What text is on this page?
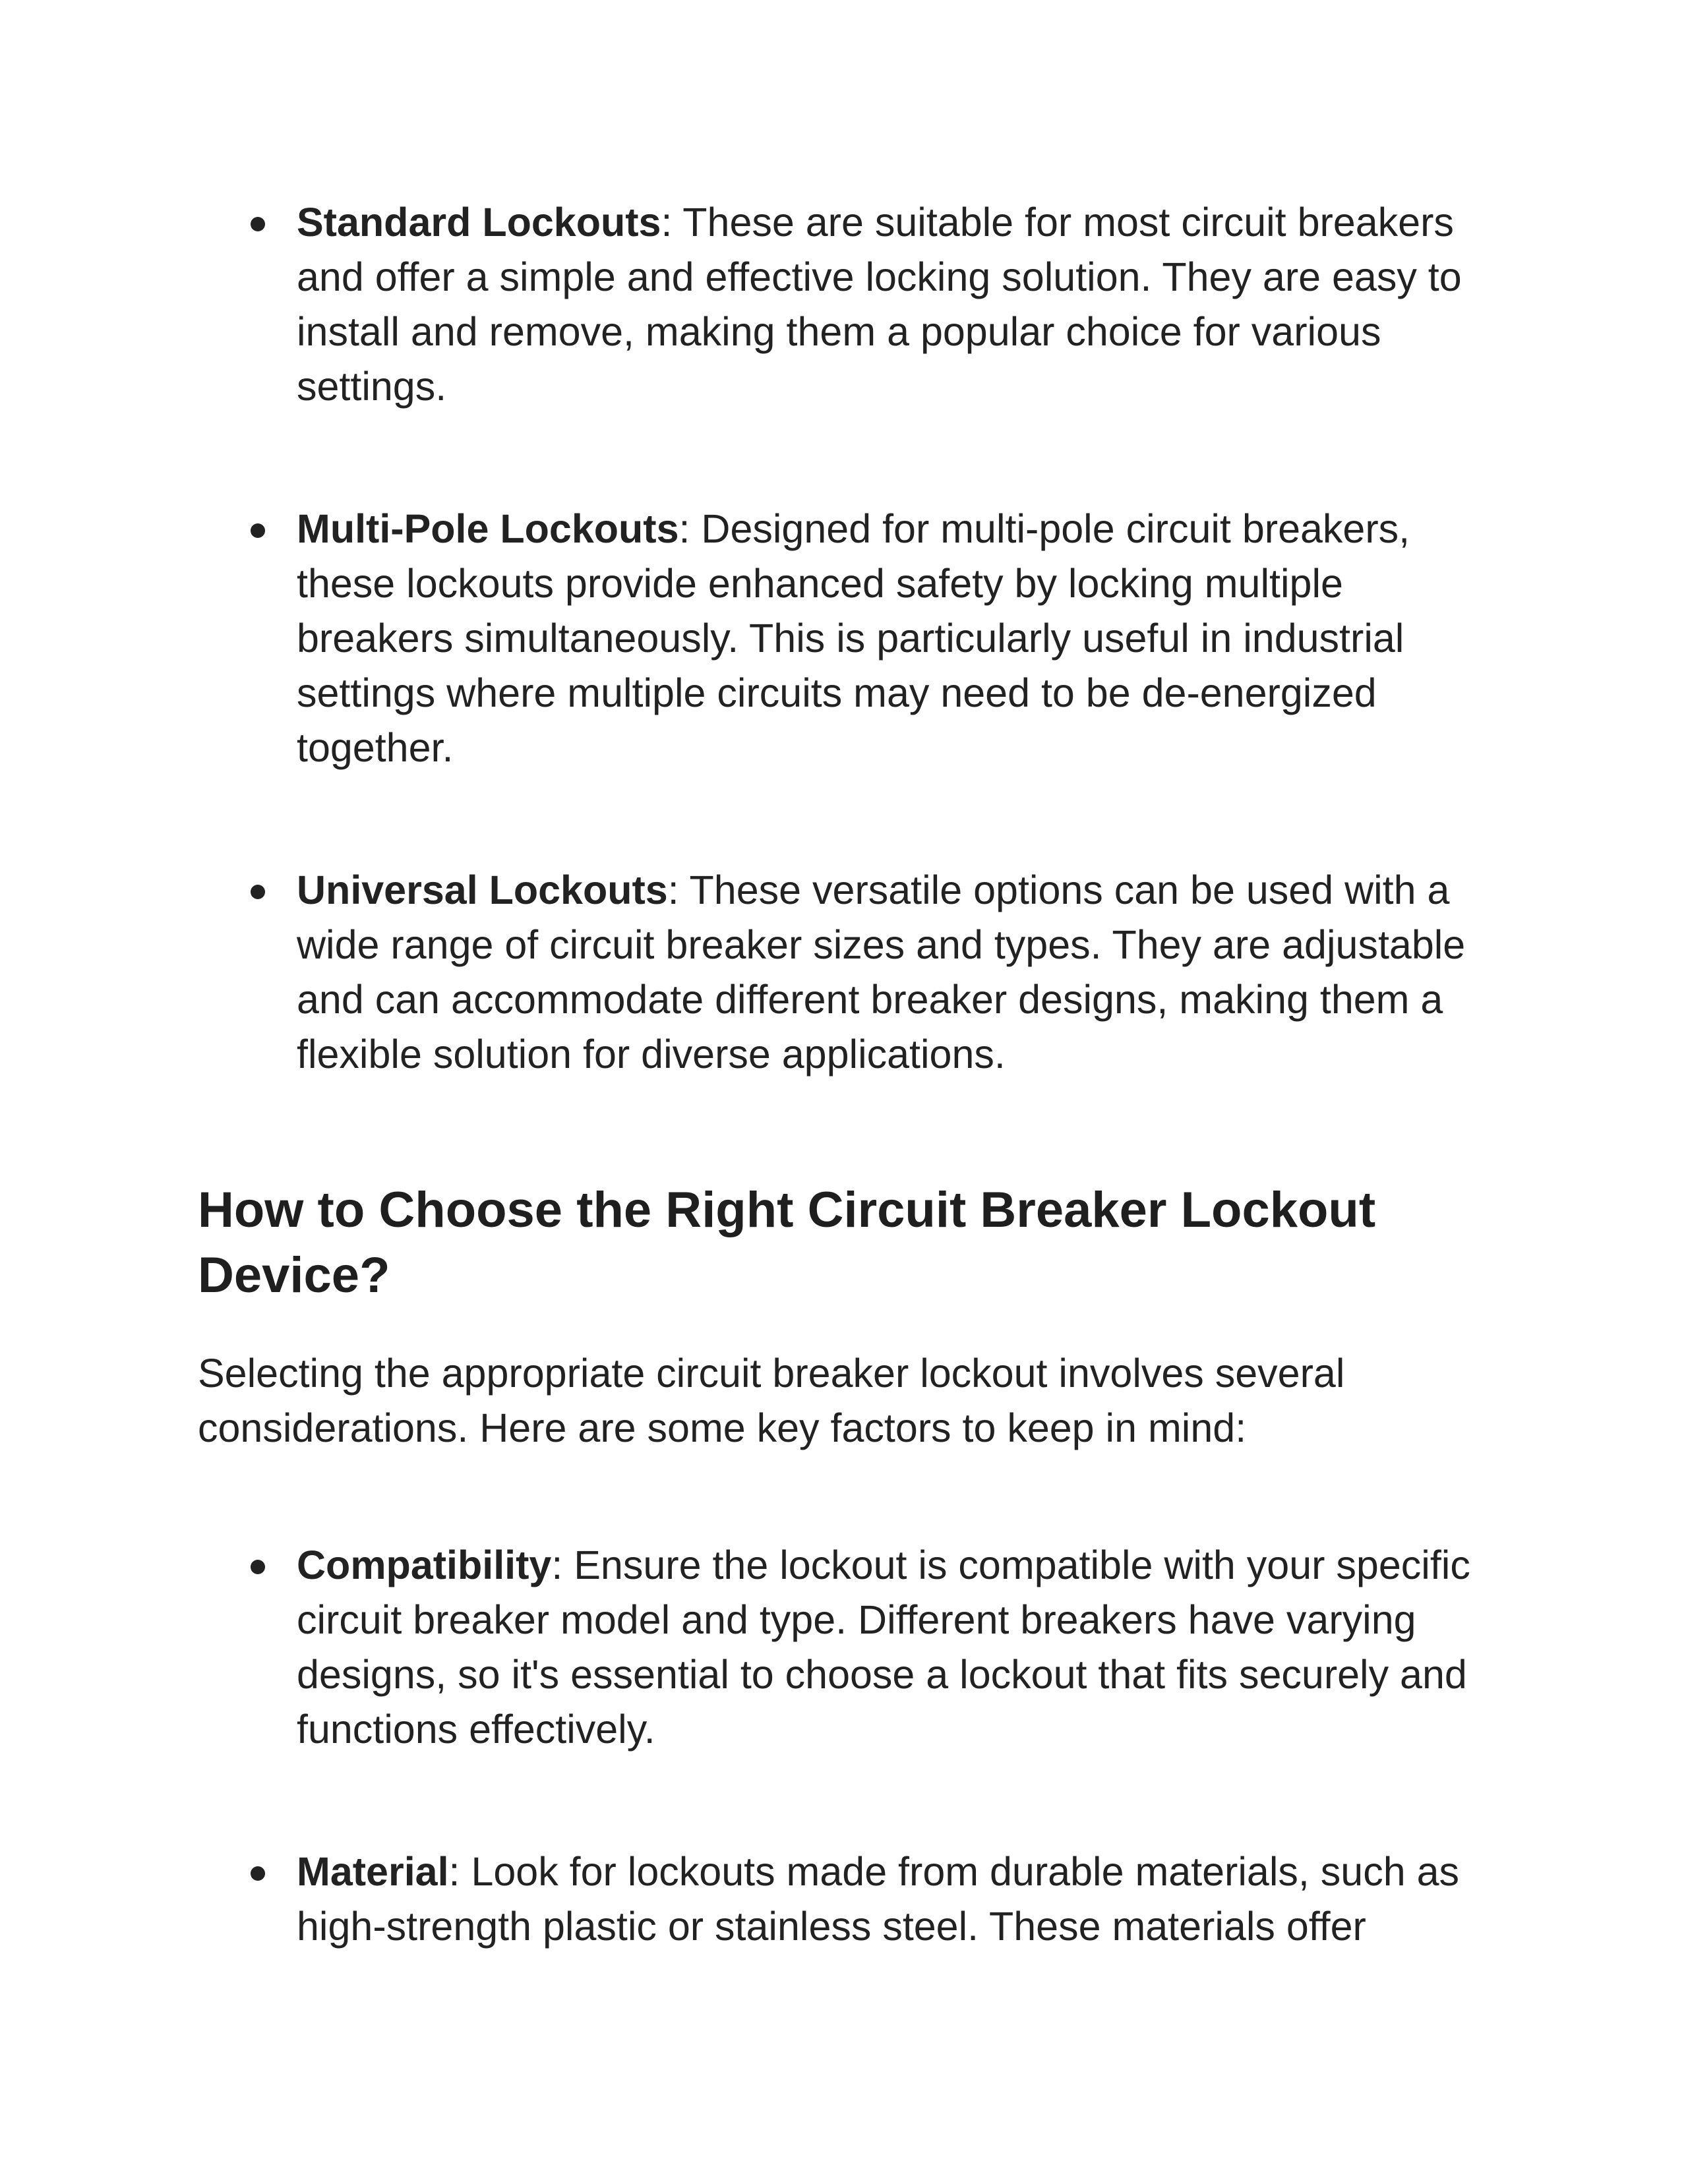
Standard Lockouts: These are suitable for most circuit breakers and offer a simple and effective locking solution. They are easy to install and remove, making them a popular choice for various settings.
Multi-Pole Lockouts: Designed for multi-pole circuit breakers, these lockouts provide enhanced safety by locking multiple breakers simultaneously. This is particularly useful in industrial settings where multiple circuits may need to be de-energized together.
Universal Lockouts: These versatile options can be used with a wide range of circuit breaker sizes and types. They are adjustable and can accommodate different breaker designs, making them a flexible solution for diverse applications.
How to Choose the Right Circuit Breaker Lockout Device?

Selecting the appropriate circuit breaker lockout involves several considerations. Here are some key factors to keep in mind:

Compatibility: Ensure the lockout is compatible with your specific circuit breaker model and type. Different breakers have varying designs, so it's essential to choose a lockout that fits securely and functions effectively.
Material: Look for lockouts made from durable materials, such as high-strength plastic or stainless steel. These materials offer
